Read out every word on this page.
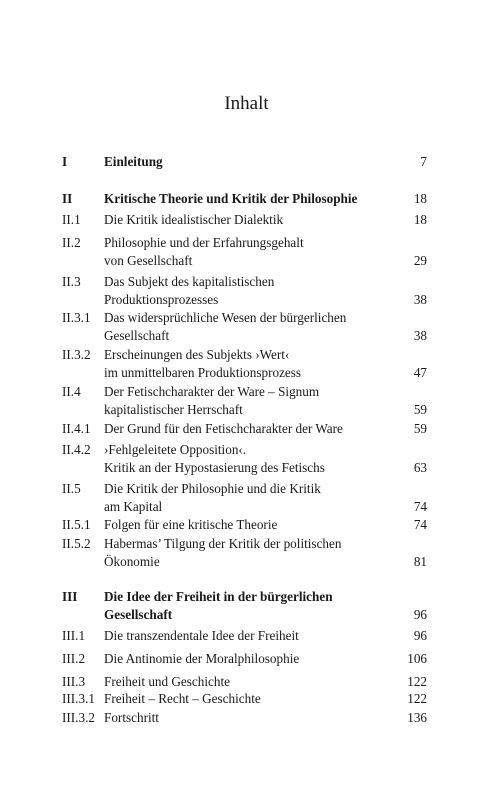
Inhalt
I	Einleitung	7
II Kritische Theorie und Kritik der Philosophie	18
II.1 Die Kritik idealistischer Dialektik	18
II.2 Philosophie und der Erfahrungsgehalt
von Gesellschaft	29
II.3 Das Subjekt des kapitalistischen
Produktionsprozesses	38
II.3.1 Das widersprüchliche Wesen der bürgerlichen
Gesellschaft	38
II.3.2 Erscheinungen des Subjekts ›Wert‹
im unmittelbaren Produktionsprozess	47
II.4 Der Fetischcharakter der Ware – Signum
kapitalistischer Herrschaft	59
II.4.1 Der Grund für den Fetischcharakter der Ware	59
II.4.2 ›Fehlgeleitete Opposition‹.
Kritik an der Hypostasierung des Fetischs	63
II.5 Die Kritik der Philosophie und die Kritik
am Kapital	74
II.5.1 Folgen für eine kritische Theorie	74
II.5.2 Habermas’ Tilgung der Kritik der politischen
Ökonomie	81
III Die Idee der Freiheit in der bürgerlichen
Gesellschaft	96
III.1 Die transzendentale Idee der Freiheit	96
III.2 Die Antinomie der Moralphilosophie	106
III.3 Freiheit und Geschichte	122
III.3.1 Freiheit – Recht – Geschichte	122
III.3.2 Fortschritt	136
